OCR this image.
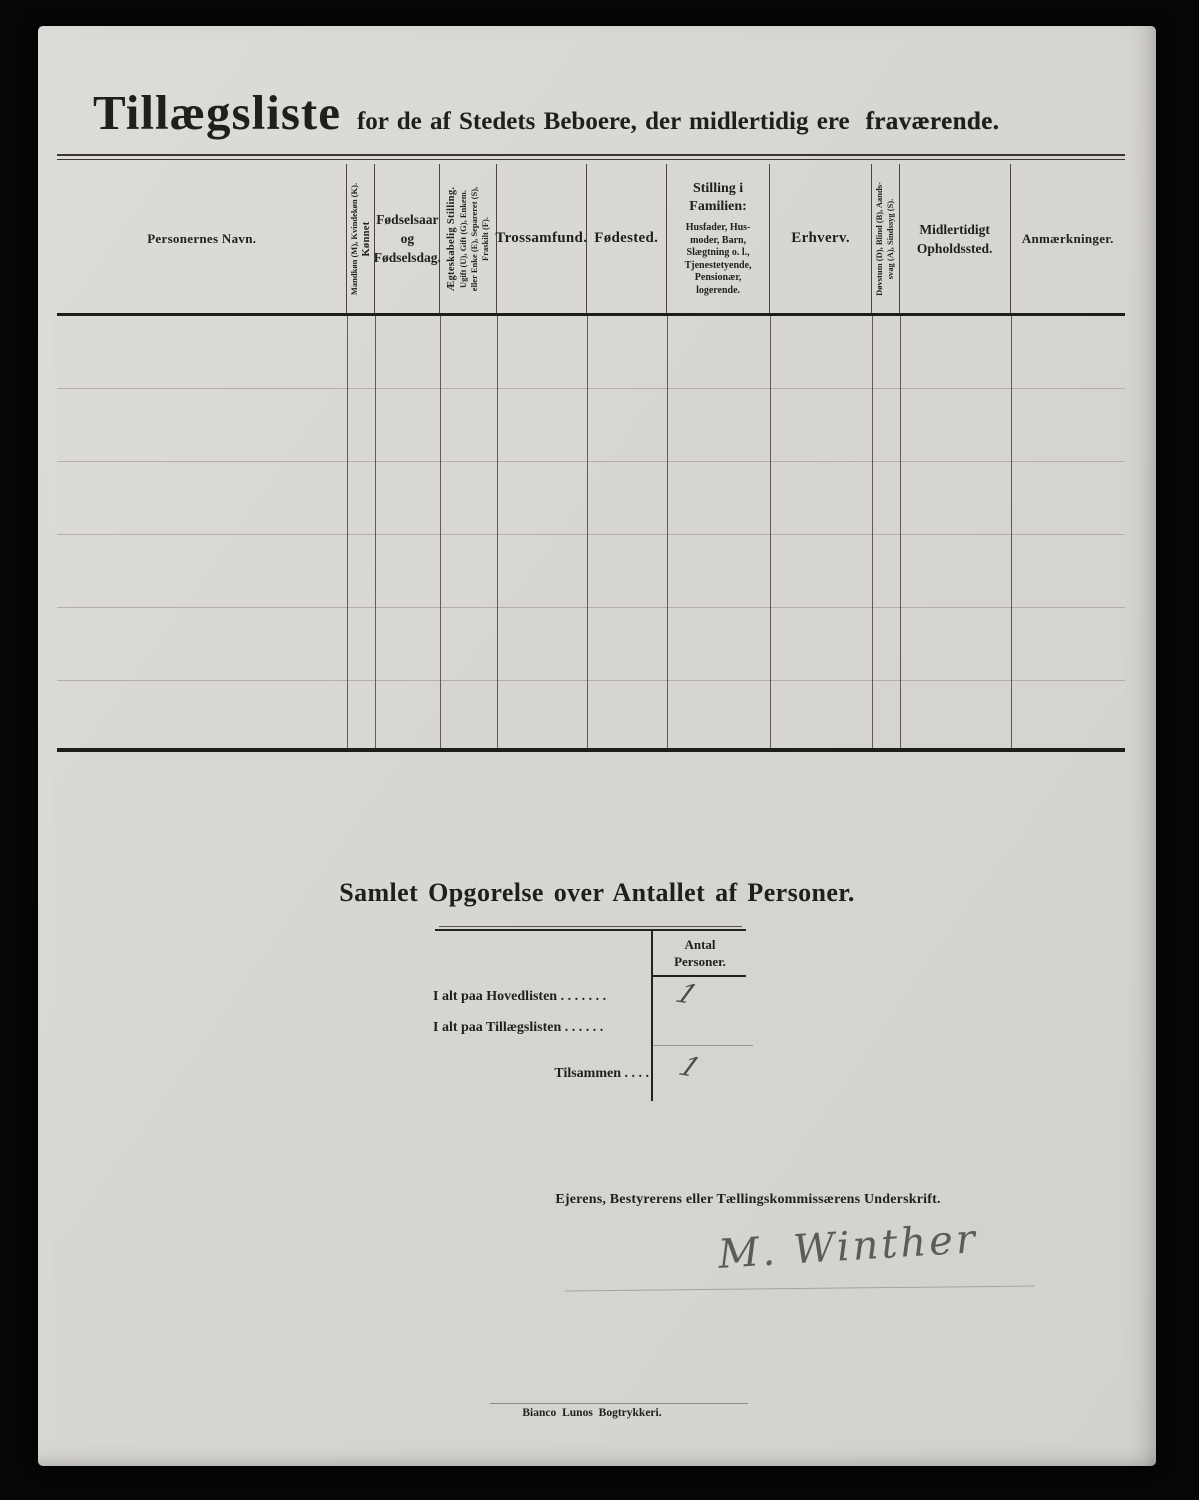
Tillægsliste for de af Stedets Beboere, der midlertidig ere fraværende.
Personernes Navn.	Mandkøn (M), Kvindekøn (K). Kønnet
Fødselsaar
og
Fødselsdag. Ægteskabelig Stilling. Ugift (U), Gift (G), Enkem. eller Enke (E), Separeret (S), Fraskilt (F). Trossamfund. Fødested.
Stilling i
Familien:
Husfader, Hus-
moder, Barn,
Slægtning o. l.,
Tjenestetyende,
Pensionær,
logerende.
Erhverv.	Døvstum (D), Blind (B), Aands- svag (A), Sindssyg (S). Midlertidigt
Opholdssted.
Anmærkninger.
Samlet Opgorelse over Antallet af Personer.
Antal
Personer.
I alt paa Hovedlisten . . . . . . .
I alt paa Tillægslisten . . . . . .
Tilsammen . . . .
1
1
Ejerens, Bestyrerens eller Tællingskommissærens Underskrift.
M. Winther
Bianco Lunos Bogtrykkeri.
